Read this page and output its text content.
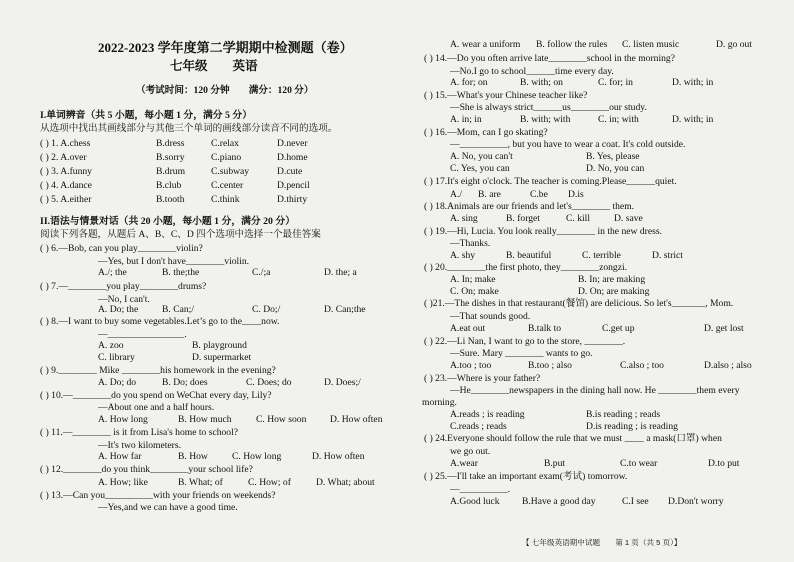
2022-2023 学年度第二学期期中检测题（卷）
七年级　　英语
（考试时间：120 分钟　　满分：120 分）
I.单词辨音（共 5 小题，每小题 1 分，满分 5 分）
从选项中找出其画线部分与其他三个单词的画线部分读音不同的选项。
( ) 1. A.chess	B.dress	C.relax	D.never
( ) 2. A.over	B.sorry	C.piano	D.home
( ) 3. A.funny	B.drum	C.subway	D.cute
( ) 4. A.dance	B.club	C.center	D.pencil
( ) 5. A.either	B.tooth	C.think	D.thirty
II.语法与情景对话（共 20 小题，每小题 1 分，满分 20 分）
阅读下列各题，从题后 A、B、C、D 四个选项中选择一个最佳答案
( ) 6.—Bob, can you play________violin?
—Yes, but I don't have________violin.
A./; the	B. the;the	C./;a	D. the; a
( ) 7.—________you play________drums?
—No, I can't.
A. Do; the B. Can;/	C. Do;/	D. Can;the
( ) 8.—I want to buy some vegetables.Let’s go to the____now.
—________________.
A. zoo	B. playground
C. library	D. supermarket
( ) 9.________ Mike ________his homework in the evening?
A. Do; do	B. Do; does	C. Does; do	D. Does;/
( ) 10.—________do you spend on WeChat every day, Lily?
—About one and a half hours.
A. How long	B. How much	C. How soon D. How often
( ) 11.—________ is it from Lisa's home to school?
—It's two kilometers.
A. How far	B. How	C. How long	D. How often
( ) 12.________do you think________your school life?
A. How; like	B. What; of	C. How; of	D. What; about
( ) 13.—Can you__________with your friends on weekends?
—Yes,and we can have a good time.
A. wear a uniform B. follow the rules C. listen music	D. go out
( ) 14.—Do you often arrive late________school in the morning?
—No.I go to school______time every day.
A. for; on	B. with; on	C. for; in	D. with; in
( ) 15.—What's your Chinese teacher like?
—She is always strict______us________our study.
A. in; in	B. with; with	C. in; with	D. with; in
( ) 16.—Mom, can I go skating?
—__________, but you have to wear a coat. It's cold outside.
A. No, you can't	B. Yes, please
C. Yes, you can	D. No, you can
( ) 17.It's eight o'clock. The teacher is coming.Please______quiet.
A./ B. are	C.be D.is
( ) 18.Animals are our friends and let's________ them.
A. sing	B. forget	C. kill	D. save
( ) 19.—Hi, Lucia. You look really________ in the new dress.
—Thanks.
A. shy	B. beautiful	C. terrible	D. strict
( ) 20.________the first photo, they________zongzi.
A. In; make	B. In; are making
C. On; make	D. On; are making
( )21.—The dishes in that restaurant(餐馆) are delicious. So let's_______, Mom.
—That sounds good.
A.eat out	B.talk to	C.get up	D. get lost
( ) 22.—Li Nan, I want to go to the store, ________.
—Sure. Mary ________ wants to go.
A.too ; too	B.too ; also	C.also ; too	D.also ; also
( ) 23.—Where is your father?
—He________newspapers in the dining hall now. He ________them every
morning.
A.reads ; is reading	B.is reading ; reads
C.reads ; reads	D.is reading ; is reading
( ) 24.Everyone should follow the rule that we must ____ a mask(口罩) when
we go out.
A.wear	B.put	C.to wear	D.to put
( ) 25.—I'll take an important exam(考试) tomorrow.
—__________.
A.Good luck B.Have a good day	C.I see D.Don't worry
【 七年级英语期中试题　　第 1 页（共 5 页）】
